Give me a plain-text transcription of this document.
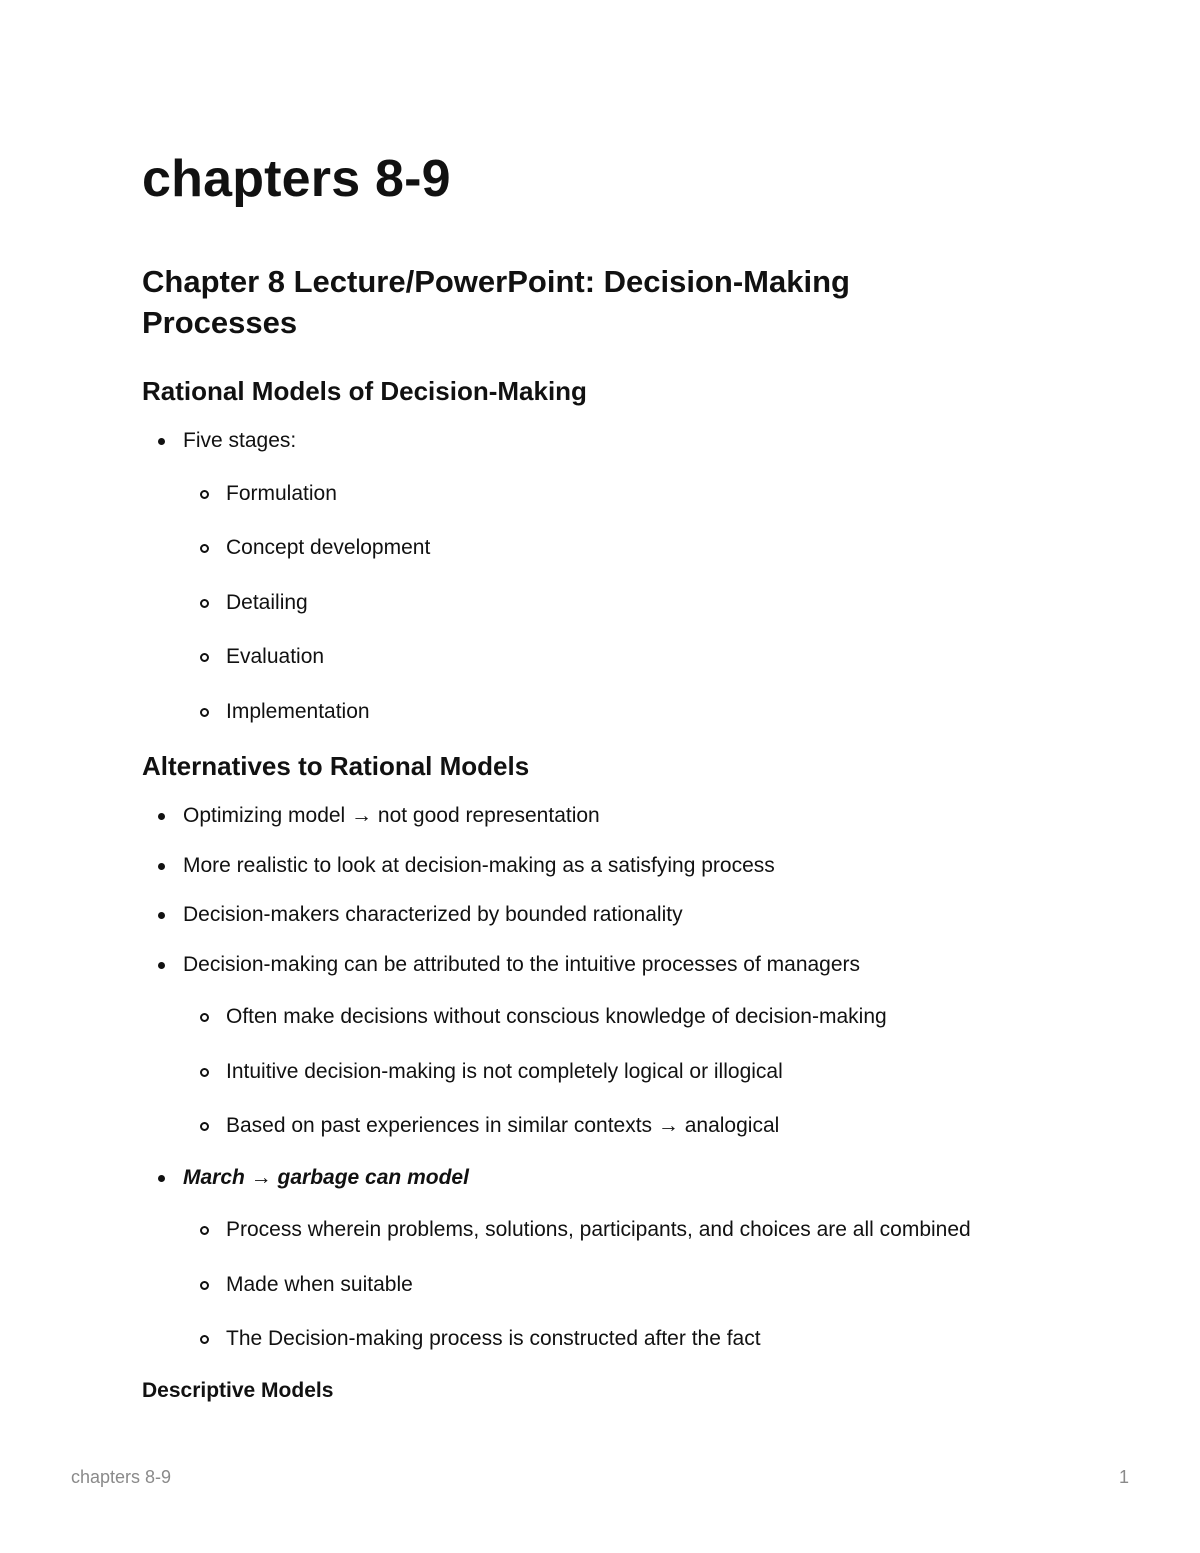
chapters 8-9
Chapter 8 Lecture/PowerPoint: Decision-Making Processes
Rational Models of Decision-Making
Five stages:
Formulation
Concept development
Detailing
Evaluation
Implementation
Alternatives to Rational Models
Optimizing model → not good representation
More realistic to look at decision-making as a satisfying process
Decision-makers characterized by bounded rationality
Decision-making can be attributed to the intuitive processes of managers
Often make decisions without conscious knowledge of decision-making
Intuitive decision-making is not completely logical or illogical
Based on past experiences in similar contexts → analogical
March → garbage can model
Process wherein problems, solutions, participants, and choices are all combined
Made when suitable
The Decision-making process is constructed after the fact
Descriptive Models
chapters 8-9	1
